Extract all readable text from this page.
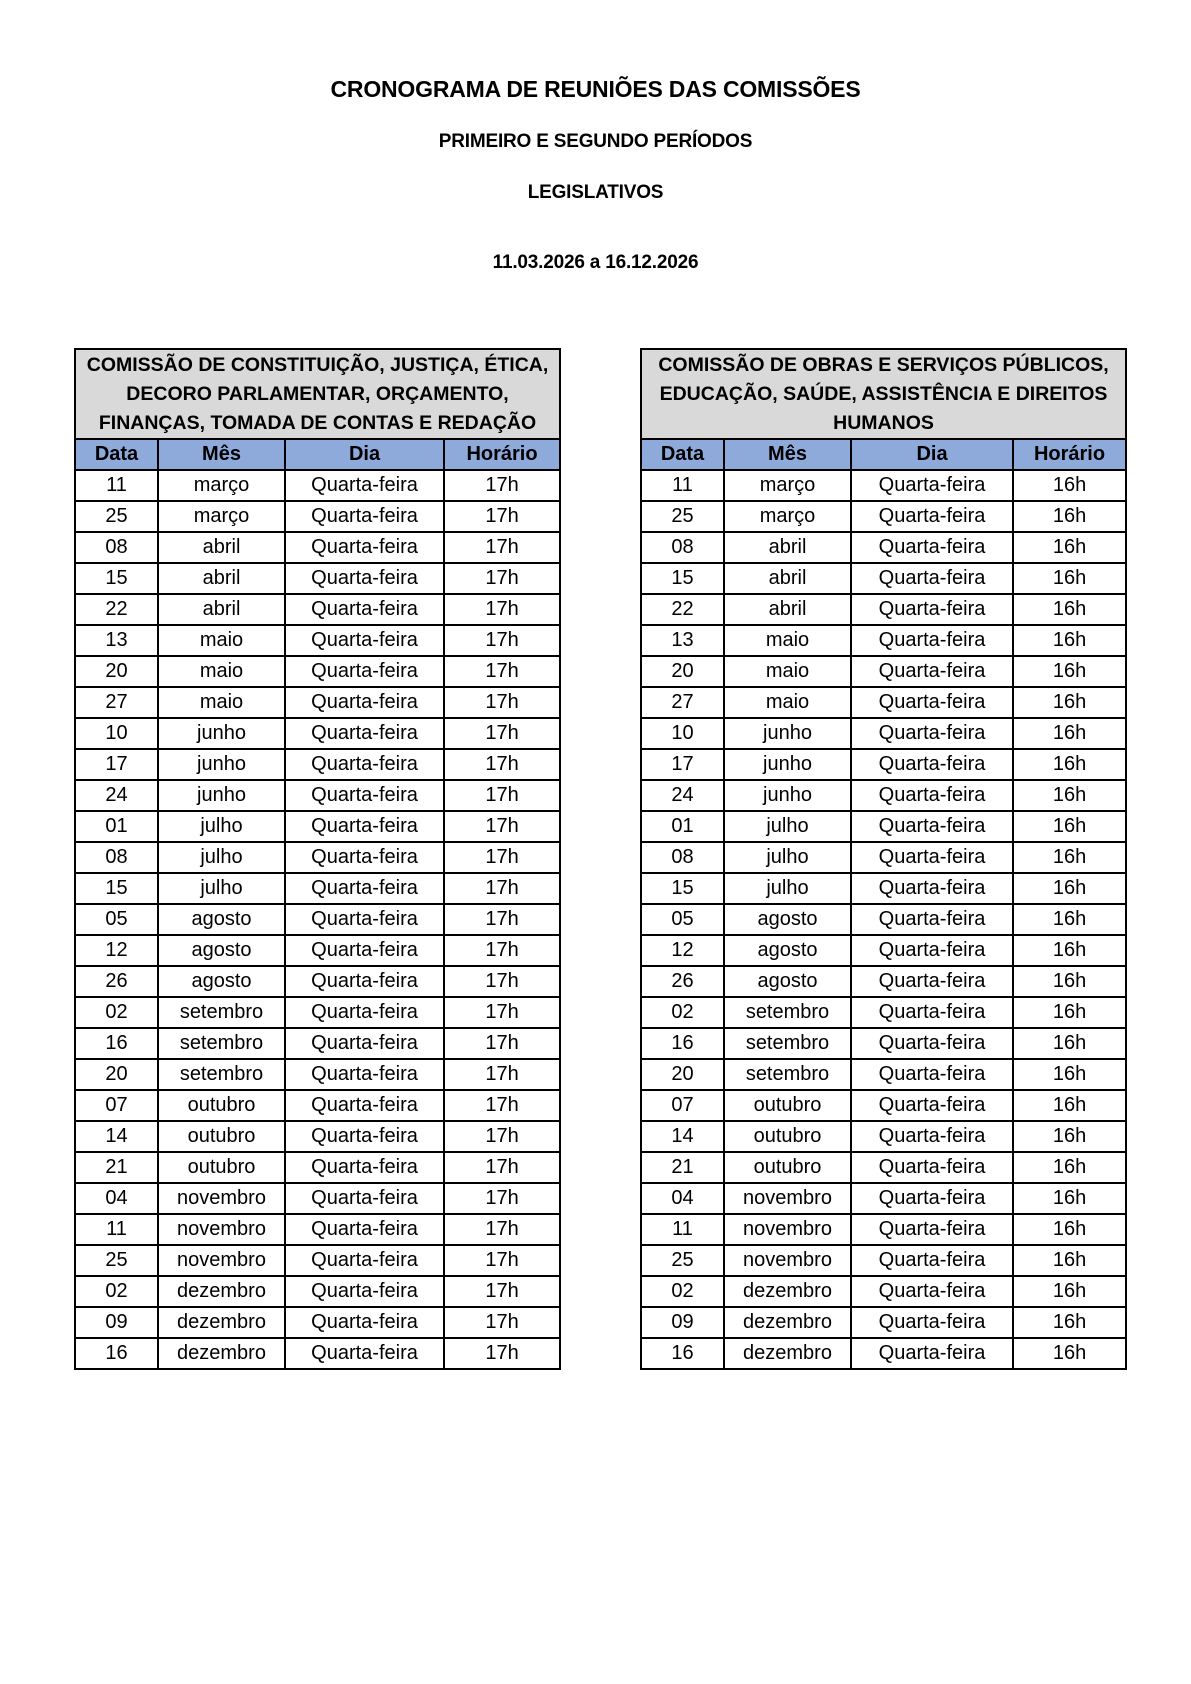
CRONOGRAMA DE REUNIÕES DAS COMISSÕES
PRIMEIRO E SEGUNDO PERÍODOS
LEGISLATIVOS
11.03.2026 a 16.12.2026
COMISSÃO DE CONSTITUIÇÃO, JUSTIÇA, ÉTICA, DECORO PARLAMENTAR, ORÇAMENTO, FINANÇAS, TOMADA DE CONTAS E REDAÇÃO			
Data	Mês	Dia	Horário
11	março	Quarta-feira	17h
25	março	Quarta-feira	17h
08	abril	Quarta-feira	17h
15	abril	Quarta-feira	17h
22	abril	Quarta-feira	17h
13	maio	Quarta-feira	17h
20	maio	Quarta-feira	17h
27	maio	Quarta-feira	17h
10	junho	Quarta-feira	17h
17	junho	Quarta-feira	17h
24	junho	Quarta-feira	17h
01	julho	Quarta-feira	17h
08	julho	Quarta-feira	17h
15	julho	Quarta-feira	17h
05	agosto	Quarta-feira	17h
12	agosto	Quarta-feira	17h
26	agosto	Quarta-feira	17h
02	setembro	Quarta-feira	17h
16	setembro	Quarta-feira	17h
20	setembro	Quarta-feira	17h
07	outubro	Quarta-feira	17h
14	outubro	Quarta-feira	17h
21	outubro	Quarta-feira	17h
04	novembro	Quarta-feira	17h
11	novembro	Quarta-feira	17h
25	novembro	Quarta-feira	17h
02	dezembro	Quarta-feira	17h
09	dezembro	Quarta-feira	17h
16	dezembro	Quarta-feira	17h
COMISSÃO DE OBRAS E SERVIÇOS PÚBLICOS, EDUCAÇÃO, SAÚDE, ASSISTÊNCIA E DIREITOS HUMANOS			
Data	Mês	Dia	Horário
11	março	Quarta-feira	16h
25	março	Quarta-feira	16h
08	abril	Quarta-feira	16h
15	abril	Quarta-feira	16h
22	abril	Quarta-feira	16h
13	maio	Quarta-feira	16h
20	maio	Quarta-feira	16h
27	maio	Quarta-feira	16h
10	junho	Quarta-feira	16h
17	junho	Quarta-feira	16h
24	junho	Quarta-feira	16h
01	julho	Quarta-feira	16h
08	julho	Quarta-feira	16h
15	julho	Quarta-feira	16h
05	agosto	Quarta-feira	16h
12	agosto	Quarta-feira	16h
26	agosto	Quarta-feira	16h
02	setembro	Quarta-feira	16h
16	setembro	Quarta-feira	16h
20	setembro	Quarta-feira	16h
07	outubro	Quarta-feira	16h
14	outubro	Quarta-feira	16h
21	outubro	Quarta-feira	16h
04	novembro	Quarta-feira	16h
11	novembro	Quarta-feira	16h
25	novembro	Quarta-feira	16h
02	dezembro	Quarta-feira	16h
09	dezembro	Quarta-feira	16h
16	dezembro	Quarta-feira	16h
